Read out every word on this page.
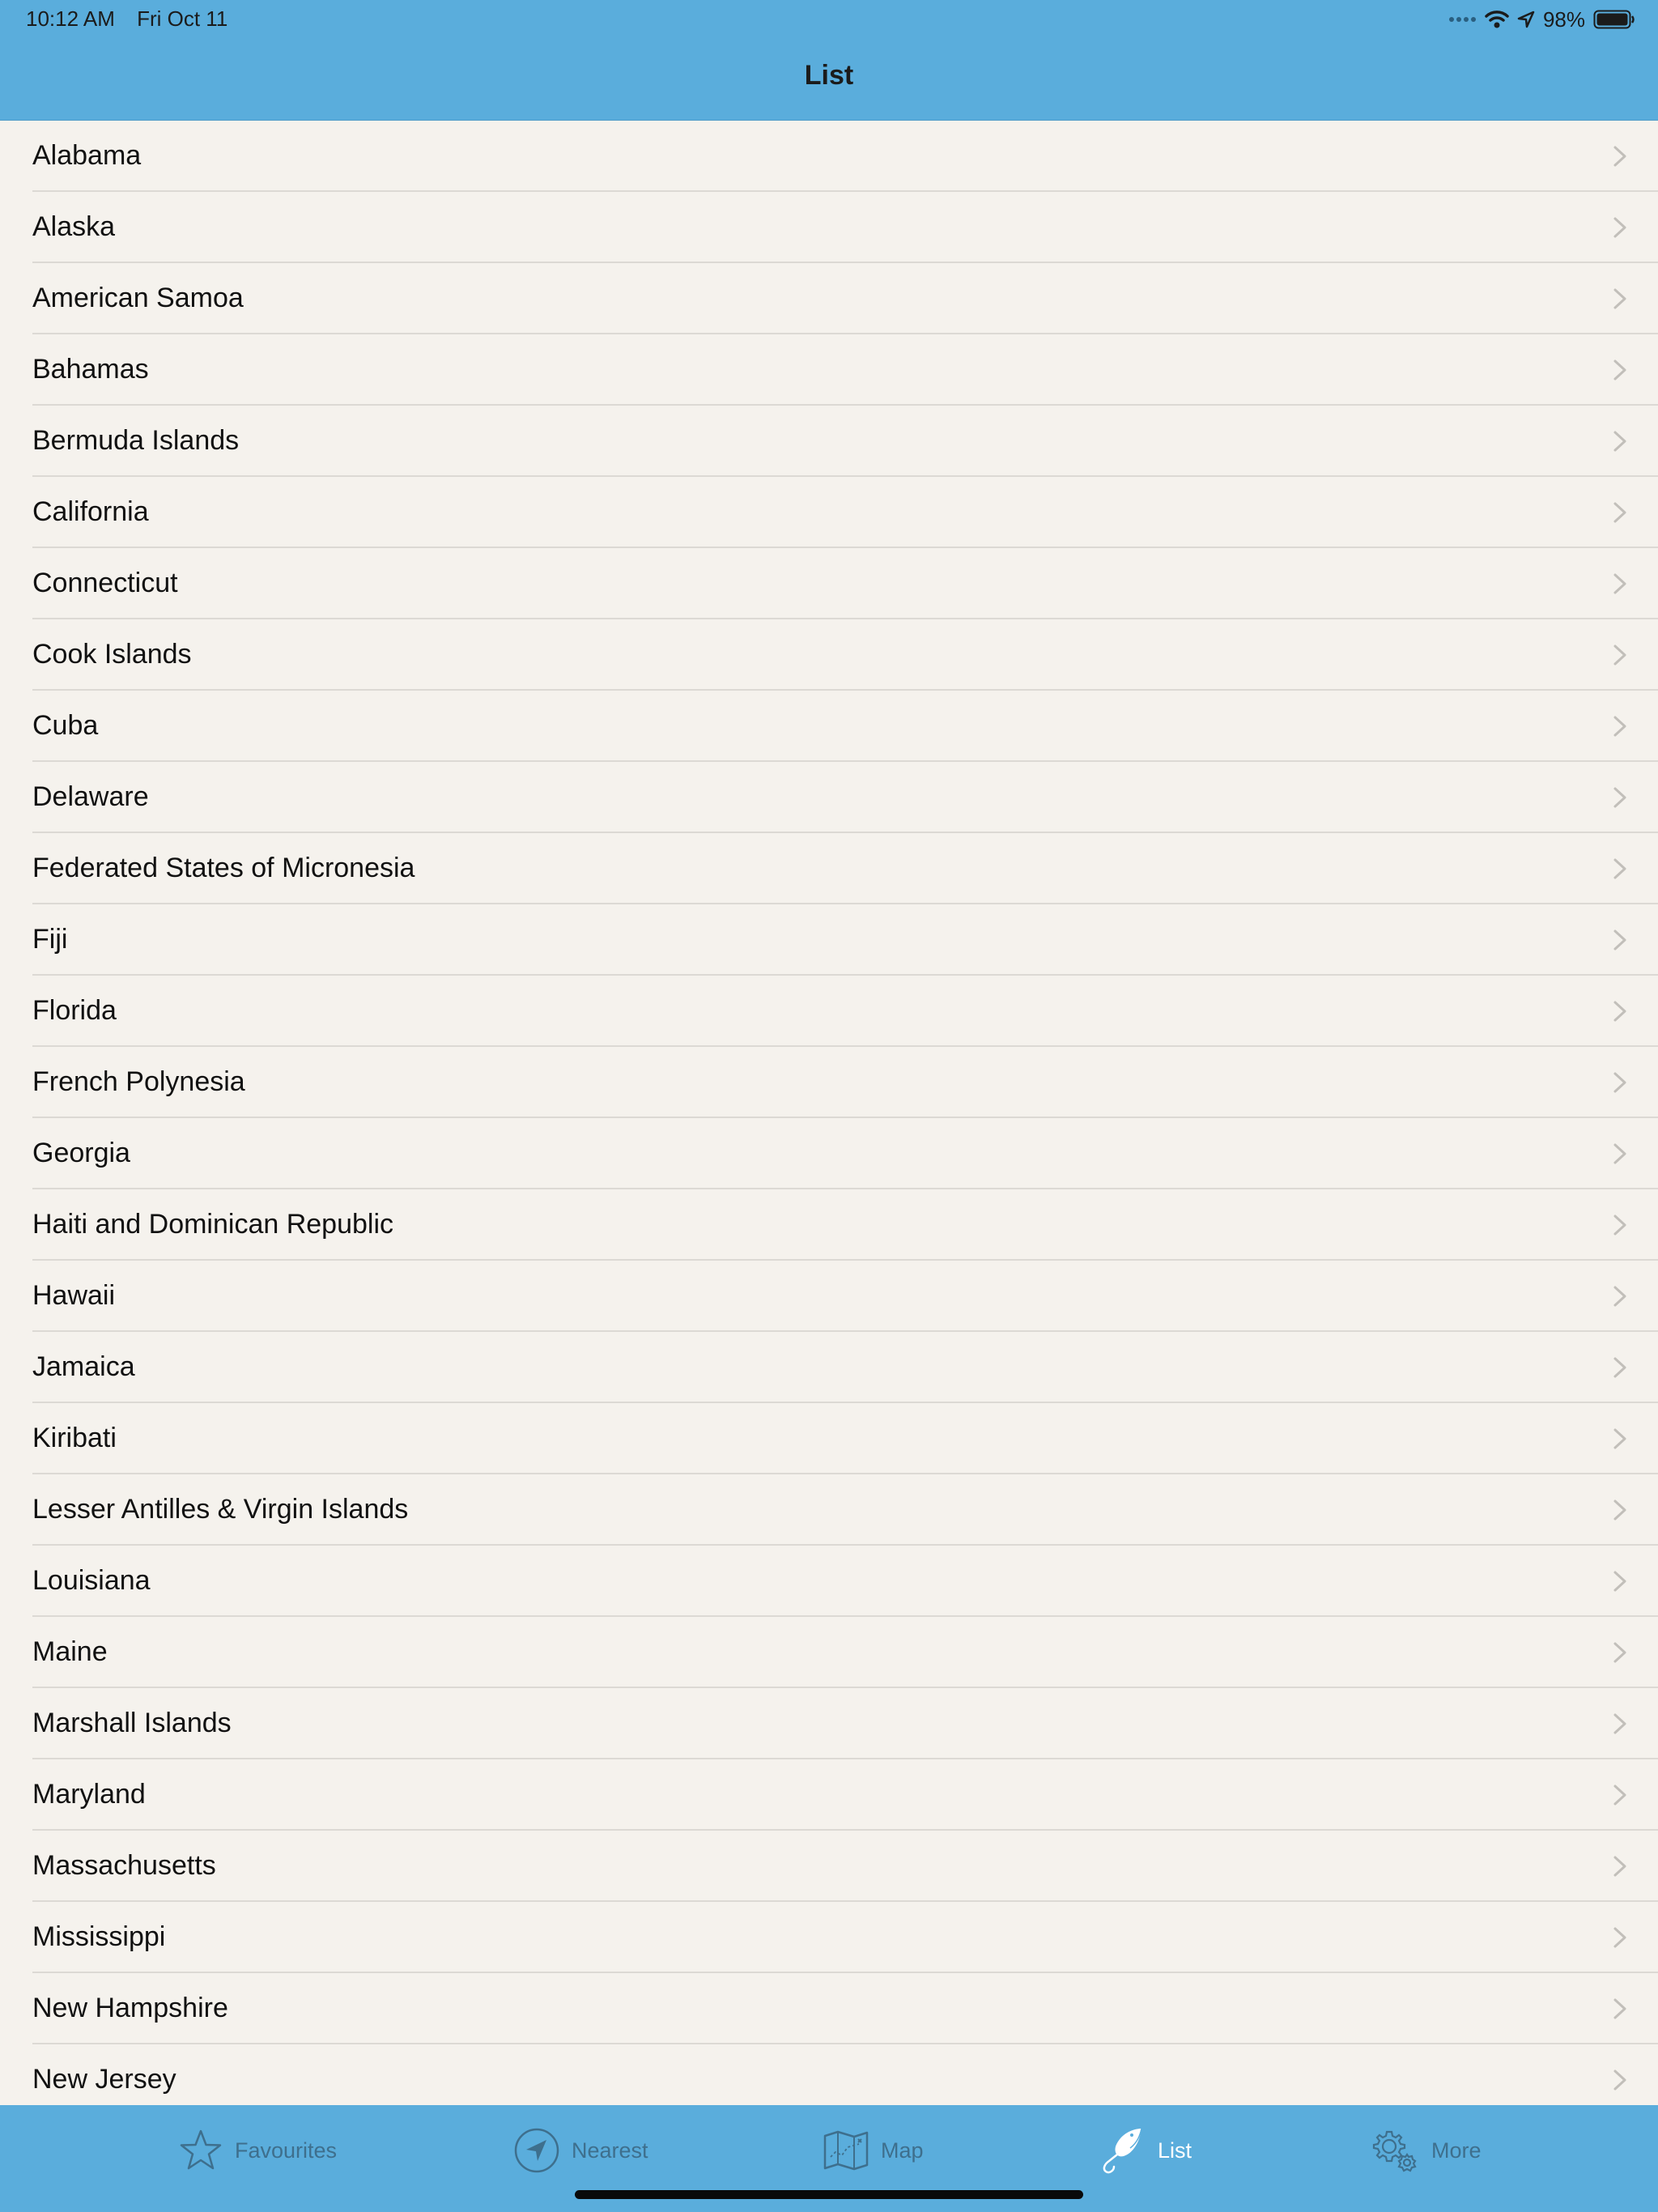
10:12 AM Fri Oct 11	98%
List
Alabama
Alaska
American Samoa
Bahamas
Bermuda Islands
California
Connecticut
Cook Islands
Cuba
Delaware
Federated States of Micronesia
Fiji
Florida
French Polynesia
Georgia
Haiti and Dominican Republic
Hawaii
Jamaica
Kiribati
Lesser Antilles & Virgin Islands
Louisiana
Maine
Marshall Islands
Maryland
Massachusetts
Mississippi
New Hampshire
New Jersey
Favourites	Nearest	Map	List	More
